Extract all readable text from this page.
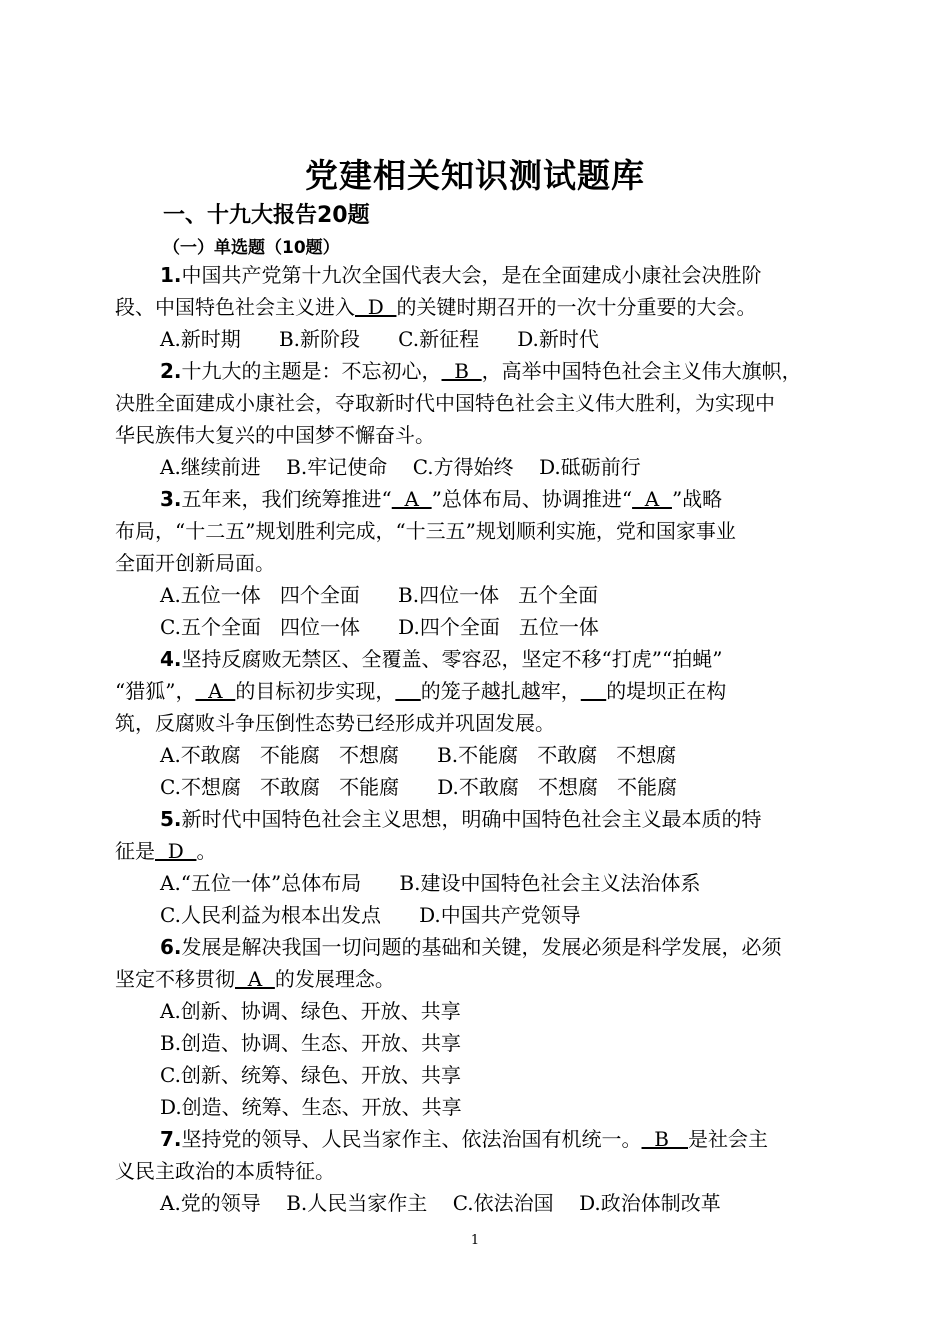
党建相关知识测试题库
一、十九大报告20题
（一）单选题（10题）

1.中国共产党第十九次全国代表大会，是在全面建成小康社会决胜阶

段、中国特色社会主义进入  D  的关键时期召开的一次十分重要的大会。

A.新时期      B.新阶段      C.新征程      D.新时代

2.十九大的主题是：不忘初心，  B  ，高举中国特色社会主义伟大旗帜，

决胜全面建成小康社会，夺取新时代中国特色社会主义伟大胜利，为实现中

华民族伟大复兴的中国梦不懈奋斗。

A.继续前进    B.牢记使命    C.方得始终    D.砥砺前行

3.五年来，我们统筹推进“  A  ”总体布局、协调推进“  A  ”战略

布局，“十二五”规划胜利完成，“十三五”规划顺利实施，党和国家事业

全面开创新局面。

A.五位一体   四个全面      B.四位一体   五个全面

C.五个全面   四位一体      D.四个全面   五位一体

4.坚持反腐败无禁区、全覆盖、零容忍，坚定不移“打虎”“拍蝇”

“猎狐”，  A  的目标初步实现， 的笼子越扎越牢， 的堤坝正在构

筑，反腐败斗争压倒性态势已经形成并巩固发展。

A.不敢腐   不能腐   不想腐      B.不能腐   不敢腐   不想腐

C.不想腐   不敢腐   不能腐      D.不敢腐   不想腐   不能腐

5.新时代中国特色社会主义思想，明确中国特色社会主义最本质的特

征是  D  。

A.“五位一体”总体布局      B.建设中国特色社会主义法治体系

C.人民利益为根本出发点      D.中国共产党领导

6.发展是解决我国一切问题的基础和关键，发展必须是科学发展，必须

坚定不移贯彻  A  的发展理念。

A.创新、协调、绿色、开放、共享

B.创造、协调、生态、开放、共享

C.创新、统筹、绿色、开放、共享

D.创造、统筹、生态、开放、共享

7.坚持党的领导、人民当家作主、依法治国有机统一。  B   是社会主

义民主政治的本质特征。

A.党的领导    B.人民当家作主    C.依法治国    D.政治体制改革

1
